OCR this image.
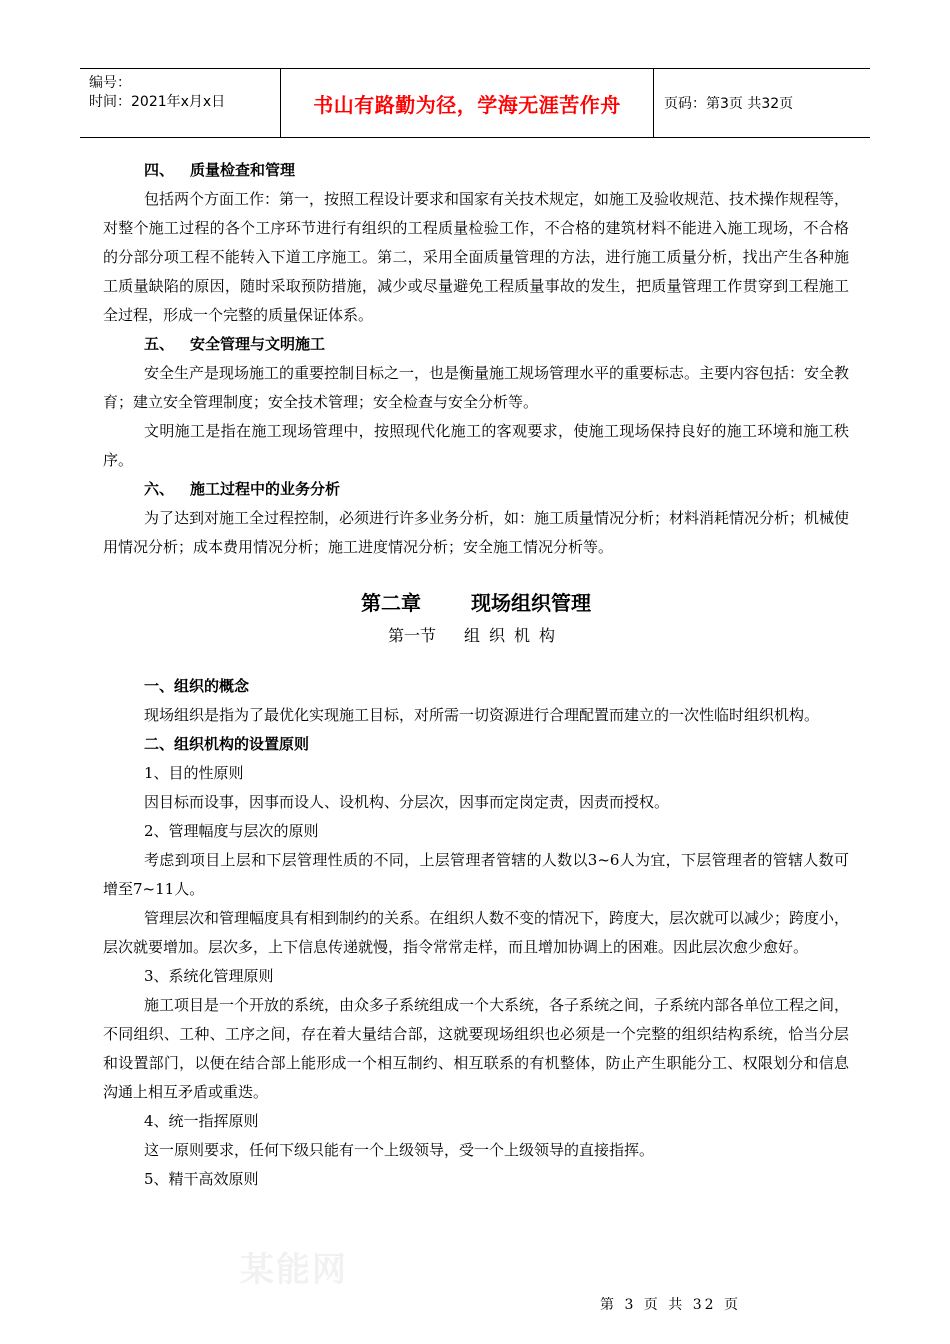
编号：
时间：2021年x月x日	书山有路勤为径，学海无涯苦作舟	页码：第3页 共32页

四、 质量检查和管理

包括两个方面工作：第一，按照工程设计要求和国家有关技术规定，如施工及验收规范、技术操作规程等，对整个施工过程的各个工序环节进行有组织的工程质量检验工作，不合格的建筑材料不能进入施工现场，不合格的分部分项工程不能转入下道工序施工。第二，采用全面质量管理的方法，进行施工质量分析，找出产生各种施工质量缺陷的原因，随时采取预防措施，减少或尽量避免工程质量事故的发生，把质量管理工作贯穿到工程施工全过程，形成一个完整的质量保证体系。

五、 安全管理与文明施工

安全生产是现场施工的重要控制目标之一，也是衡量施工规场管理水平的重要标志。主要内容包括：安全教育；建立安全管理制度；安全技术管理；安全检查与安全分析等。

文明施工是指在施工现场管理中，按照现代化施工的客观要求，使施工现场保持良好的施工环境和施工秩序。

六、 施工过程中的业务分析

为了达到对施工全过程控制，必须进行许多业务分析，如：施工质量情况分析；材料消耗情况分析；机械使用情况分析；成本费用情况分析；施工进度情况分析；安全施工情况分析等。

第二章	现场组织管理
第一节 组织机构

一、组织的概念

现场组织是指为了最优化实现施工目标，对所需一切资源进行合理配置而建立的一次性临时组织机构。

二、组织机构的设置原则

1、目的性原则

因目标而设事，因事而设人、设机构、分层次，因事而定岗定责，因责而授权。

2、管理幅度与层次的原则

考虑到项目上层和下层管理性质的不同，上层管理者管辖的人数以3~6人为宜，下层管理者的管辖人数可增至7~11人。

管理层次和管理幅度具有相到制约的关系。在组织人数不变的情况下，跨度大，层次就可以减少；跨度小，层次就要增加。层次多，上下信息传递就慢，指令常常走样，而且增加协调上的困难。因此层次愈少愈好。

3、系统化管理原则

施工项目是一个开放的系统，由众多子系统组成一个大系统，各子系统之间，子系统内部各单位工程之间，不同组织、工种、工序之间，存在着大量结合部，这就要现场组织也必须是一个完整的组织结构系统，恰当分层和设置部门，以便在结合部上能形成一个相互制约、相互联系的有机整体，防止产生职能分工、权限划分和信息沟通上相互矛盾或重迭。

4、统一指挥原则

这一原则要求，任何下级只能有一个上级领导，受一个上级领导的直接指挥。

5、精干高效原则

某能网
第 3 页 共 32 页
